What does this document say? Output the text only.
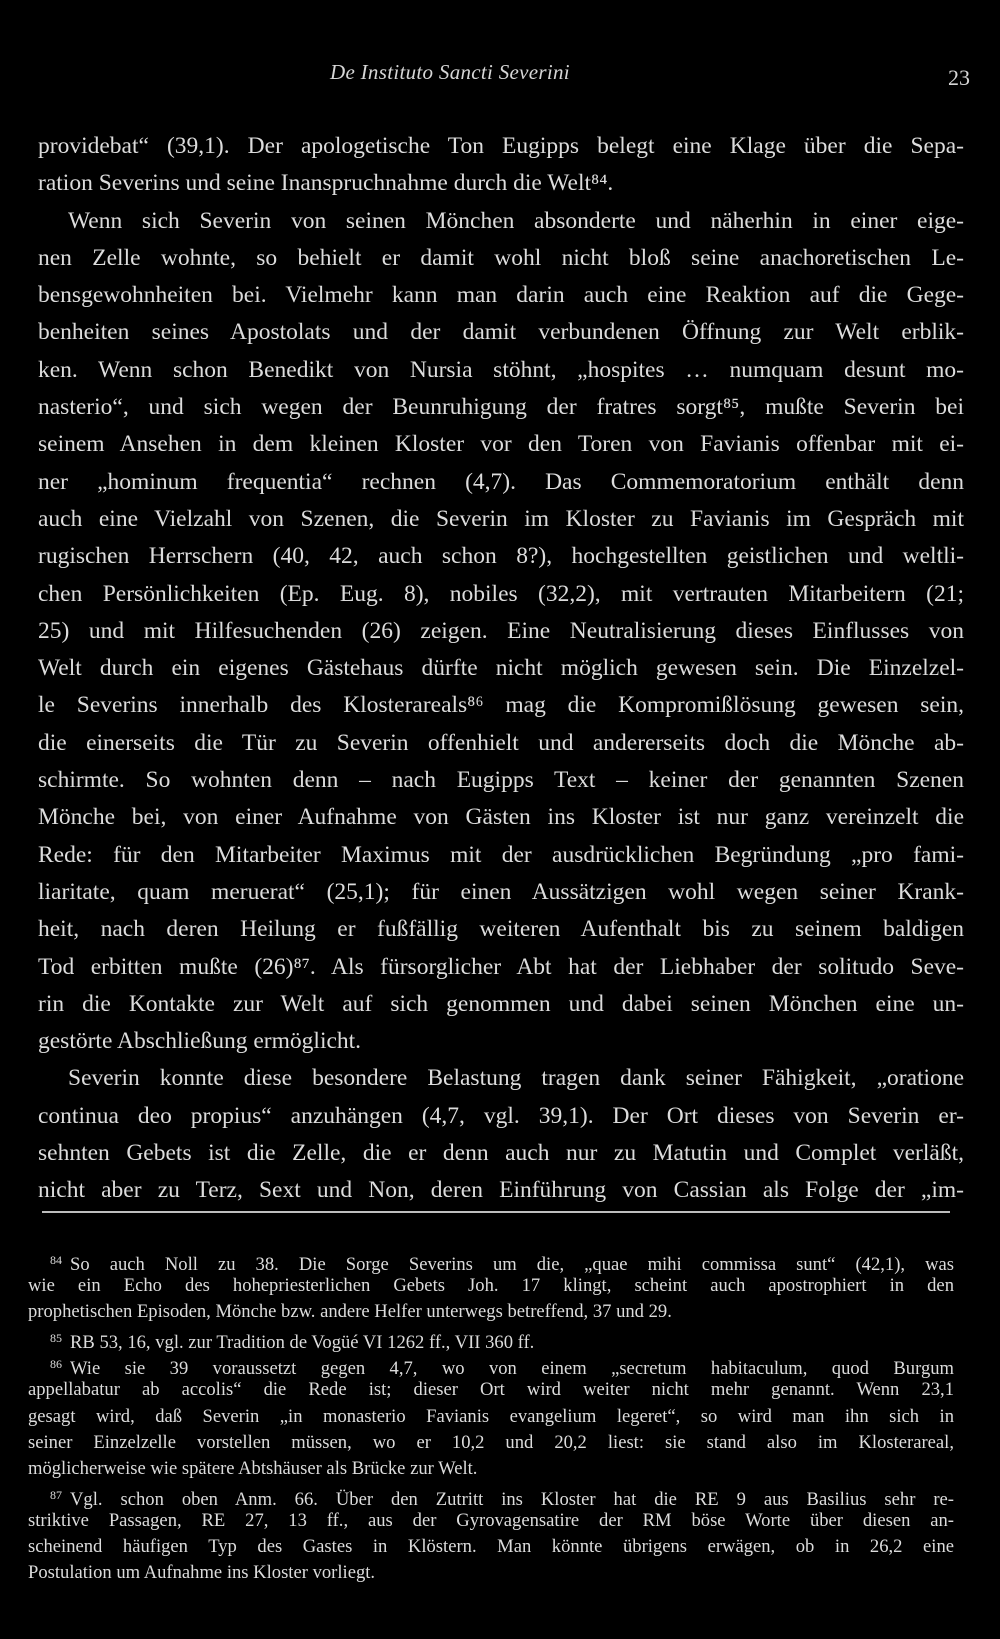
De Instituto Sancti Severini	23
providebat“ (39,1). Der apologetische Ton Eugipps belegt eine Klage über die Sepa-
ration Severins und seine Inanspruchnahme durch die Welt⁸⁴.
Wenn sich Severin von seinen Mönchen absonderte und näherhin in einer eige-
nen Zelle wohnte, so behielt er damit wohl nicht bloß seine anachoretischen Le-
bensgewohnheiten bei. Vielmehr kann man darin auch eine Reaktion auf die Gege-
benheiten seines Apostolats und der damit verbundenen Öffnung zur Welt erblik-
ken. Wenn schon Benedikt von Nursia stöhnt, „hospites … numquam desunt mo-
nasterio“, und sich wegen der Beunruhigung der fratres sorgt⁸⁵, mußte Severin bei
seinem Ansehen in dem kleinen Kloster vor den Toren von Favianis offenbar mit ei-
ner „hominum frequentia“ rechnen (4,7). Das Commemoratorium enthält denn
auch eine Vielzahl von Szenen, die Severin im Kloster zu Favianis im Gespräch mit
rugischen Herrschern (40, 42, auch schon 8?), hochgestellten geistlichen und weltli-
chen Persönlichkeiten (Ep. Eug. 8), nobiles (32,2), mit vertrauten Mitarbeitern (21;
25) und mit Hilfesuchenden (26) zeigen. Eine Neutralisierung dieses Einflusses von
Welt durch ein eigenes Gästehaus dürfte nicht möglich gewesen sein. Die Einzelzel-
le Severins innerhalb des Klosterareals⁸⁶ mag die Kompromißlösung gewesen sein,
die einerseits die Tür zu Severin offenhielt und andererseits doch die Mönche ab-
schirmte. So wohnten denn – nach Eugipps Text – keiner der genannten Szenen
Mönche bei, von einer Aufnahme von Gästen ins Kloster ist nur ganz vereinzelt die
Rede: für den Mitarbeiter Maximus mit der ausdrücklichen Begründung „pro fami-
liaritate, quam meruerat“ (25,1); für einen Aussätzigen wohl wegen seiner Krank-
heit, nach deren Heilung er fußfällig weiteren Aufenthalt bis zu seinem baldigen
Tod erbitten mußte (26)⁸⁷. Als fürsorglicher Abt hat der Liebhaber der solitudo Seve-
rin die Kontakte zur Welt auf sich genommen und dabei seinen Mönchen eine un-
gestörte Abschließung ermöglicht.
Severin konnte diese besondere Belastung tragen dank seiner Fähigkeit, „oratione
continua deo propius“ anzuhängen (4,7, vgl. 39,1). Der Ort dieses von Severin er-
sehnten Gebets ist die Zelle, die er denn auch nur zu Matutin und Complet verläßt,
nicht aber zu Terz, Sext und Non, deren Einführung von Cassian als Folge der „im-
$^{84}$ So auch Noll zu 38. Die Sorge Severins um die, „quae mihi commissa sunt“ (42,1), was
wie ein Echo des hohepriesterlichen Gebets Joh. 17 klingt, scheint auch apostrophiert in den
prophetischen Episoden, Mönche bzw. andere Helfer unterwegs betreffend, 37 und 29.
$^{85}$ RB 53, 16, vgl. zur Tradition de Vogüé VI 1262 ff., VII 360 ff.
$^{86}$ Wie sie 39 voraussetzt gegen 4,7, wo von einem „secretum habitaculum, quod Burgum
appellabatur ab accolis“ die Rede ist; dieser Ort wird weiter nicht mehr genannt. Wenn 23,1
gesagt wird, daß Severin „in monasterio Favianis evangelium legeret“, so wird man ihn sich in
seiner Einzelzelle vorstellen müssen, wo er 10,2 und 20,2 liest: sie stand also im Klosterareal,
möglicherweise wie spätere Abtshäuser als Brücke zur Welt.
$^{87}$ Vgl. schon oben Anm. 66. Über den Zutritt ins Kloster hat die RE 9 aus Basilius sehr re-
striktive Passagen, RE 27, 13 ff., aus der Gyrovagensatire der RM böse Worte über diesen an-
scheinend häufigen Typ des Gastes in Klöstern. Man könnte übrigens erwägen, ob in 26,2 eine
Postulation um Aufnahme ins Kloster vorliegt.
